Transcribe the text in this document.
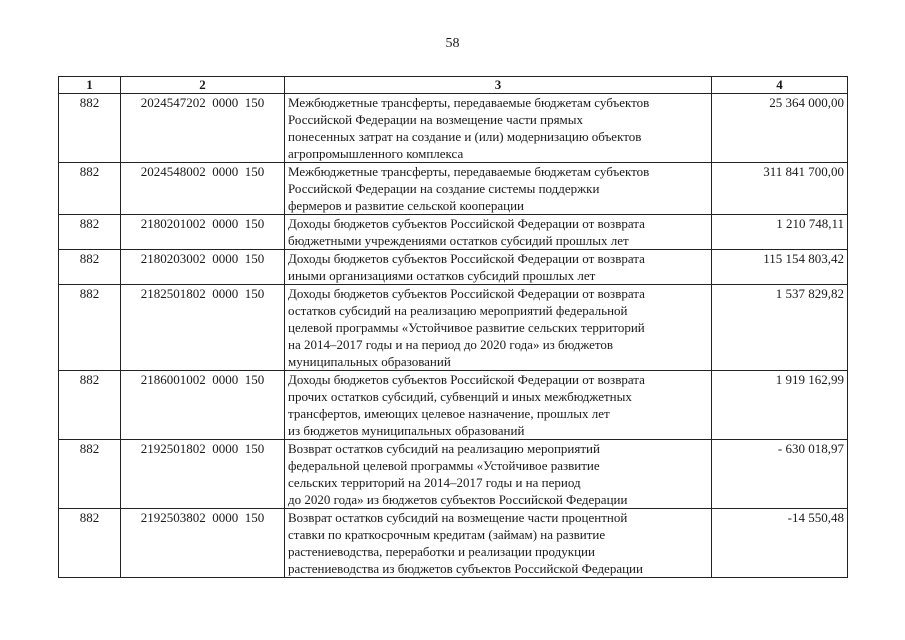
58
1	2	3	4
882	2024547202  0000  150	Межбюджетные трансферты, передаваемые бюджетам субъектов
Российской Федерации на возмещение части прямых
понесенных затрат на создание и (или) модернизацию объектов
агропромышленного комплекса	25 364 000,00
882	2024548002  0000  150	Межбюджетные трансферты, передаваемые бюджетам субъектов
Российской Федерации на создание системы поддержки
фермеров и развитие сельской кооперации	311 841 700,00
882	2180201002  0000  150	Доходы бюджетов субъектов Российской Федерации от возврата
бюджетными учреждениями остатков субсидий прошлых лет	1 210 748,11
882	2180203002  0000  150	Доходы бюджетов субъектов Российской Федерации от возврата
иными организациями остатков субсидий прошлых лет	115 154 803,42
882	2182501802  0000  150	Доходы бюджетов субъектов Российской Федерации от возврата
остатков субсидий на реализацию мероприятий федеральной
целевой программы «Устойчивое развитие сельских территорий
на 2014–2017 годы и на период до 2020 года» из бюджетов
муниципальных образований	1 537 829,82
882	2186001002  0000  150	Доходы бюджетов субъектов Российской Федерации от возврата
прочих остатков субсидий, субвенций и иных межбюджетных
трансфертов, имеющих целевое назначение, прошлых лет
из бюджетов муниципальных образований	1 919 162,99
882	2192501802  0000  150	Возврат остатков субсидий на реализацию мероприятий
федеральной целевой программы «Устойчивое развитие
сельских территорий на 2014–2017 годы и на период
до 2020 года» из бюджетов субъектов Российской Федерации	- 630 018,97
882	2192503802  0000  150	Возврат остатков субсидий на возмещение части процентной
ставки по краткосрочным кредитам (займам) на развитие
растениеводства, переработки и реализации продукции
растениеводства из бюджетов субъектов Российской Федерации	-14 550,48
